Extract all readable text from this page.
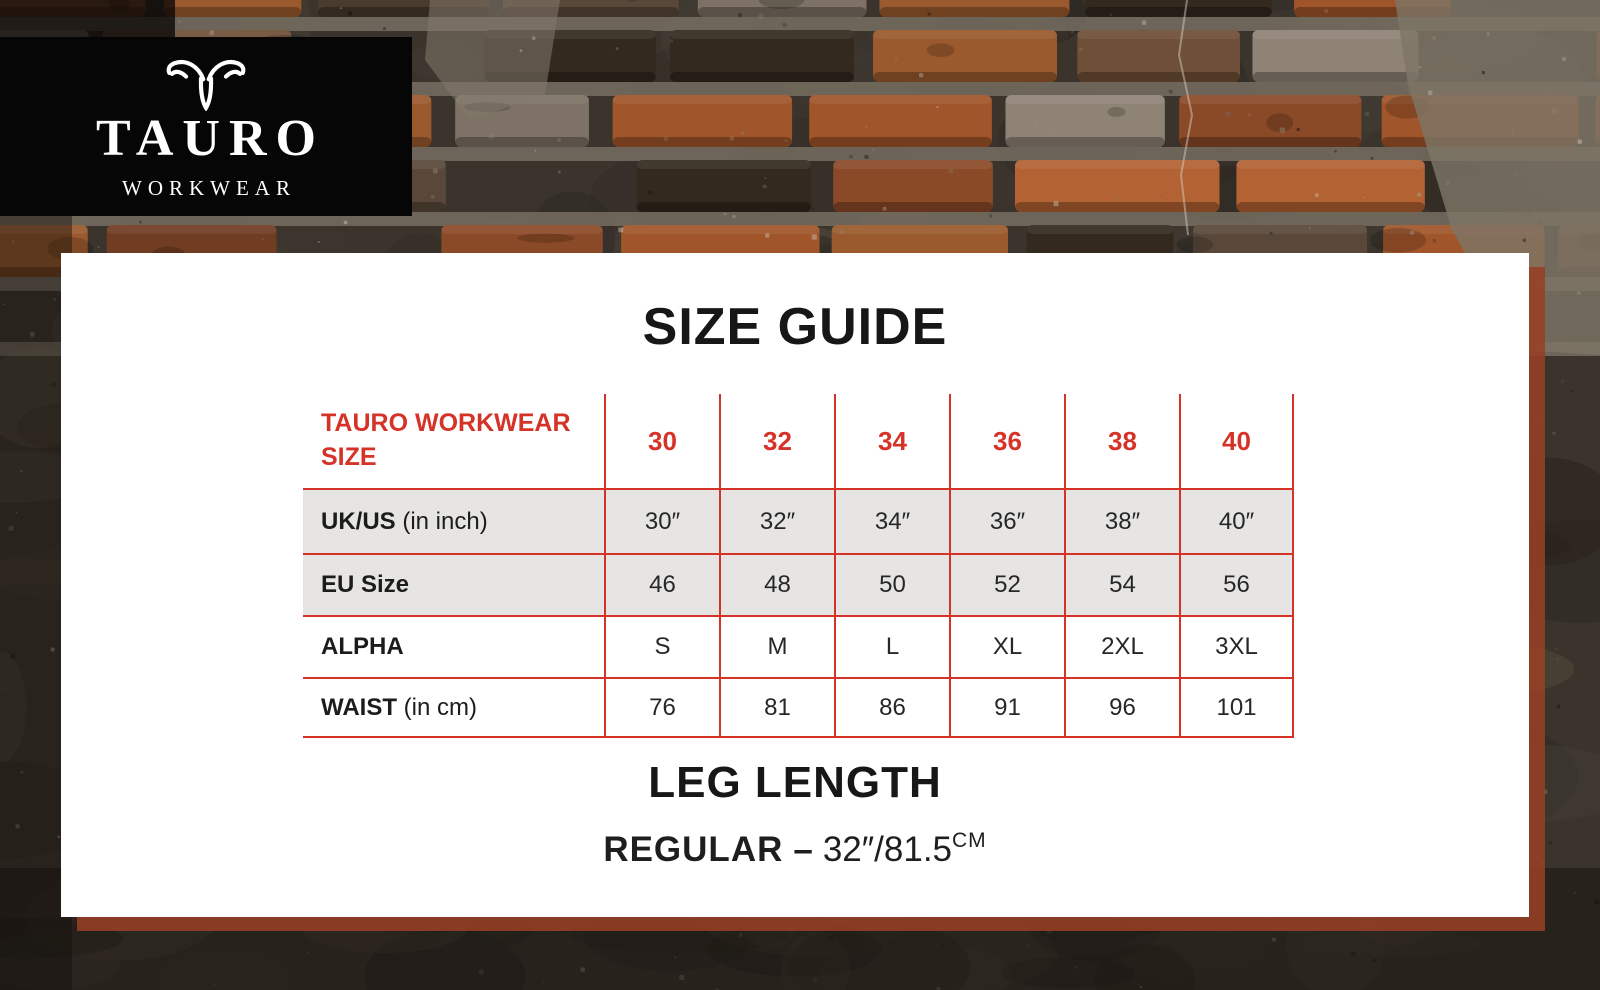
TAURO
workwear
SIZE GUIDE
TAURO WORKWEAR SIZE
30	32	34	36	38	40
UK/US (in inch)	30″	32″	34″	36″	38″	40″
EU Size	46	48	50	52	54	56
ALPHA	S	M	L	XL	2XL	3XL
WAIST (in cm)	76	81	86	91	96	101
LEG LENGTH

REGULAR – $32''/81.5^{CM}$
